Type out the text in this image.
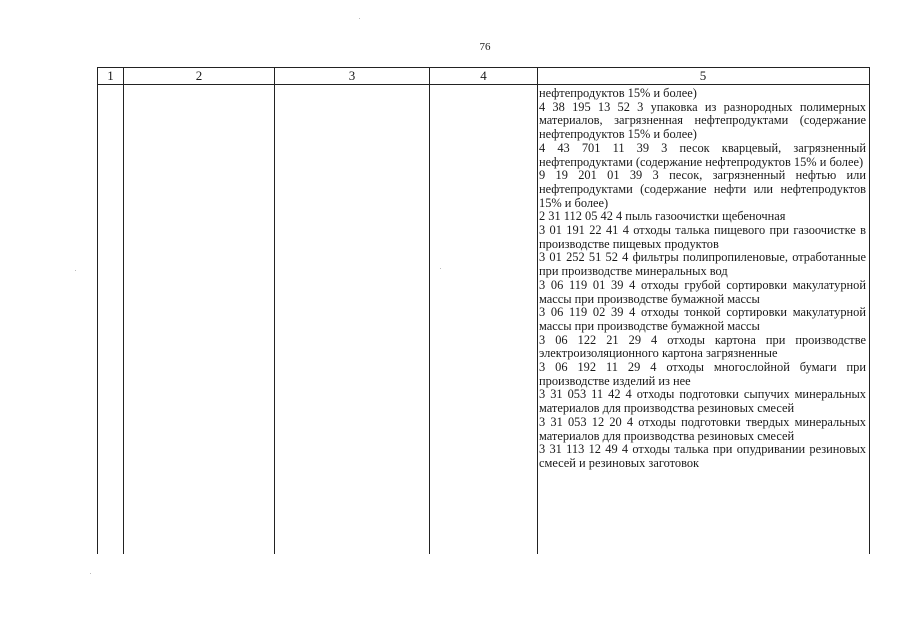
76
1	2	3	4	5

нефтепродуктов 15% и более)

4 38 195 13 52 3 упаковка из разнородных полимерных материалов, загрязненная нефтепродуктами (содержание нефтепродуктов 15% и более)

4 43 701 11 39 3 песок кварцевый, загрязненный нефтепродуктами (содержание нефтепродуктов 15% и более)

9 19 201 01 39 3 песок, загрязненный нефтью или нефтепродуктами (содержание нефти или нефтепродуктов 15% и более)

2 31 112 05 42 4 пыль газоочистки щебеночная

3 01 191 22 41 4 отходы талька пищевого при газоочистке в производстве пищевых продуктов

3 01 252 51 52 4 фильтры полипропиленовые, отработанные при производстве минеральных вод

3 06 119 01 39 4 отходы грубой сортировки макулатурной массы при производстве бумажной массы

3 06 119 02 39 4 отходы тонкой сортировки макулатурной массы при производстве бумажной массы

3 06 122 21 29 4 отходы картона при производстве электроизоляционного картона загрязненные

3 06 192 11 29 4 отходы многослойной бумаги при производстве изделий из нее

3 31 053 11 42 4 отходы подготовки сыпучих минеральных материалов для производства резиновых смесей

3 31 053 12 20 4 отходы подготовки твердых минеральных материалов для производства резиновых смесей

3 31 113 12 49 4 отходы талька при опудривании резиновых смесей и резиновых заготовок
